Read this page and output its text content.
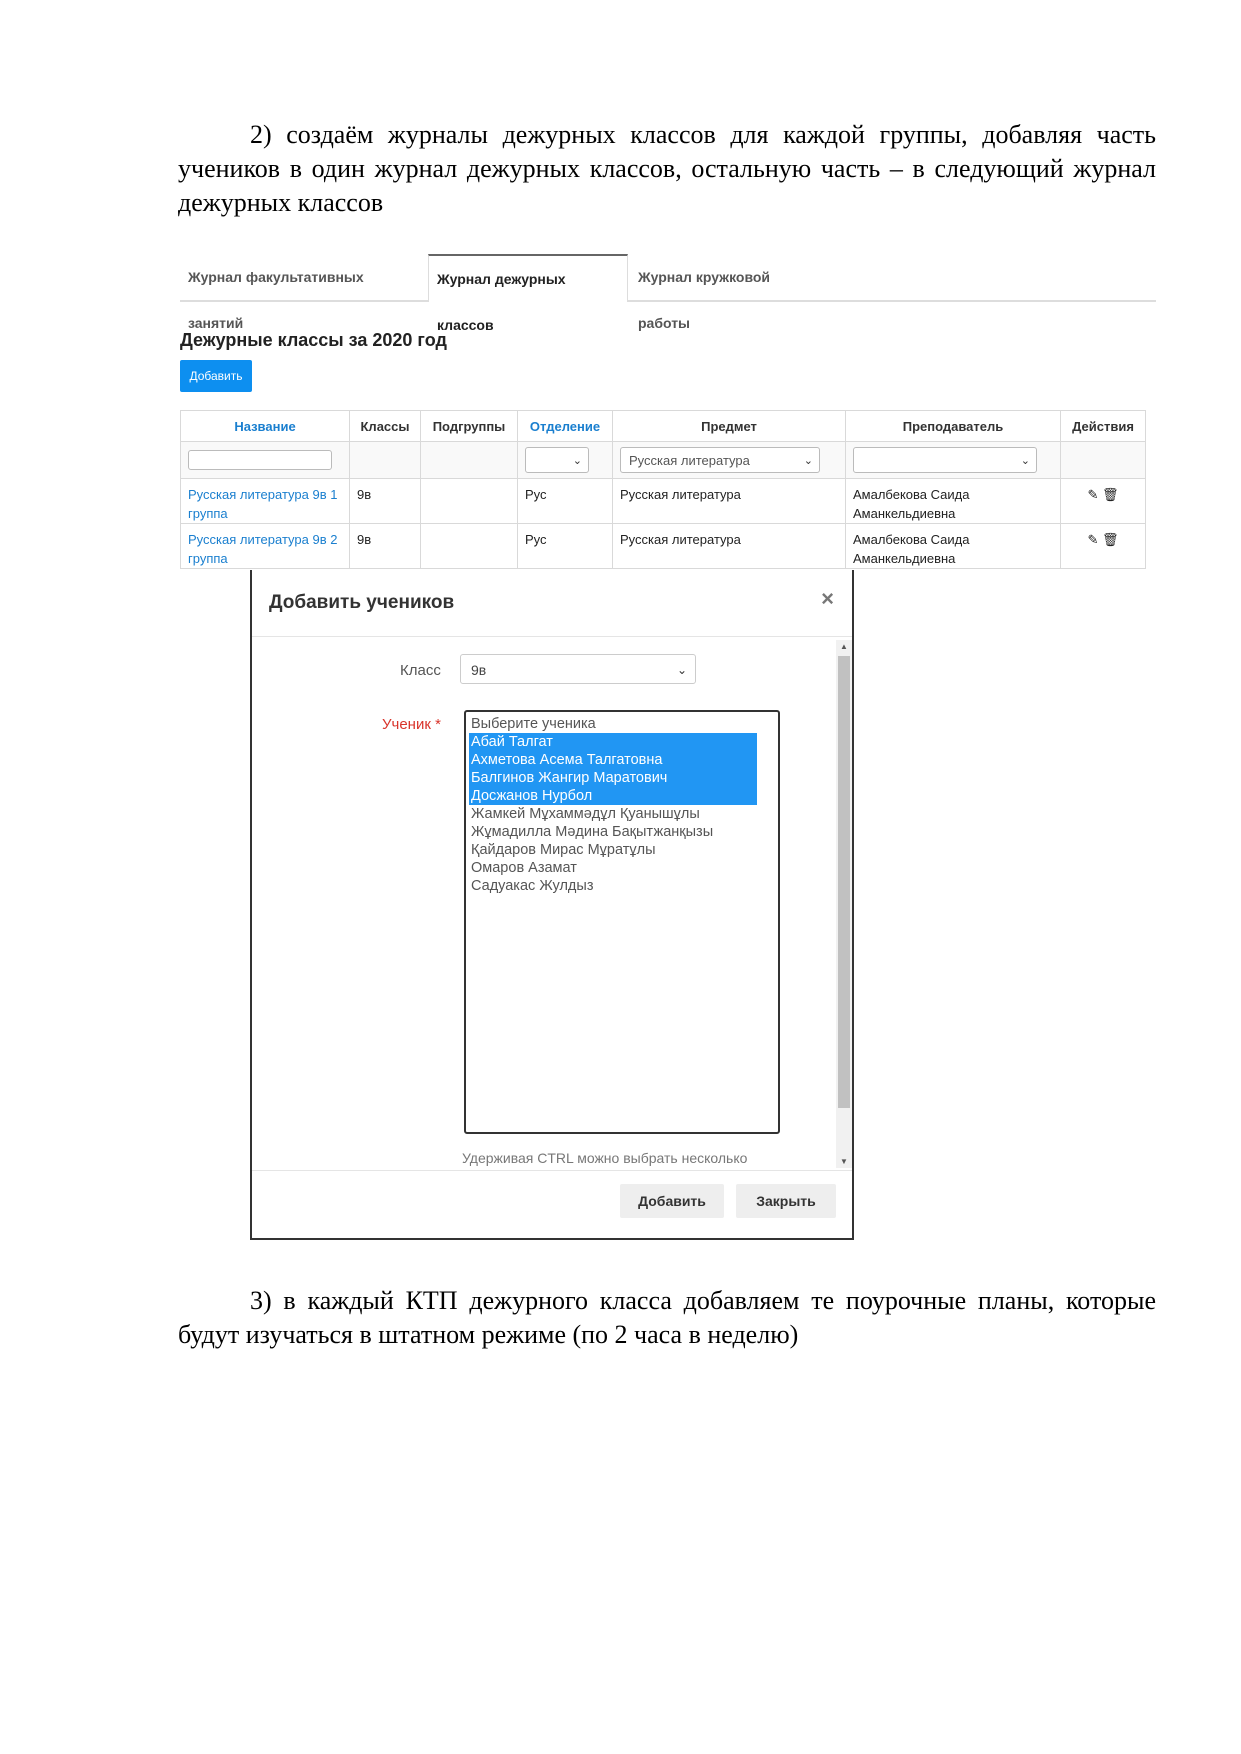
2) создаём журналы дежурных классов для каждой группы, добавляя часть учеников в один журнал дежурных классов, остальную часть – в следующий журнал дежурных классов
Журнал факультативных занятий
Журнал дежурных классов
Журнал кружковой работы
Дежурные классы за 2020 год
Добавить
Название	Классы	Подгруппы	Отделение	Предмет	Преподаватель	Действия

			⌄	Русская литература ⌄	⌄	

Русская литература 9в 1 группа	9в		Рус	Русская литература	Амалбекова Саида Аманкельдиевна	✎ 🗑
Русская литература 9в 2 группа	9в		Рус	Русская литература	Амалбекова Саида Аманкельдиевна	✎ 🗑
Добавить учеников	×
Класс	9в	⌄
Ученик * Выберите ученика
Абай Талгат
Ахметова Асема Талгатовна
Балгинов Жангир Маратович
Досжанов Нурбол
Жамкей Мұхаммәдұл Қуанышұлы
Жұмадилла Мәдина Бақытжанқызы
Қайдаров Мирас Мұратұлы
Омаров Азамат
Садуакас Жулдыз
Удерживая CTRL можно выбрать несколько
▲
▼
Добавить	Закрыть
3) в каждый КТП дежурного класса добавляем те поурочные планы, которые будут изучаться в штатном режиме (по 2 часа в неделю)
